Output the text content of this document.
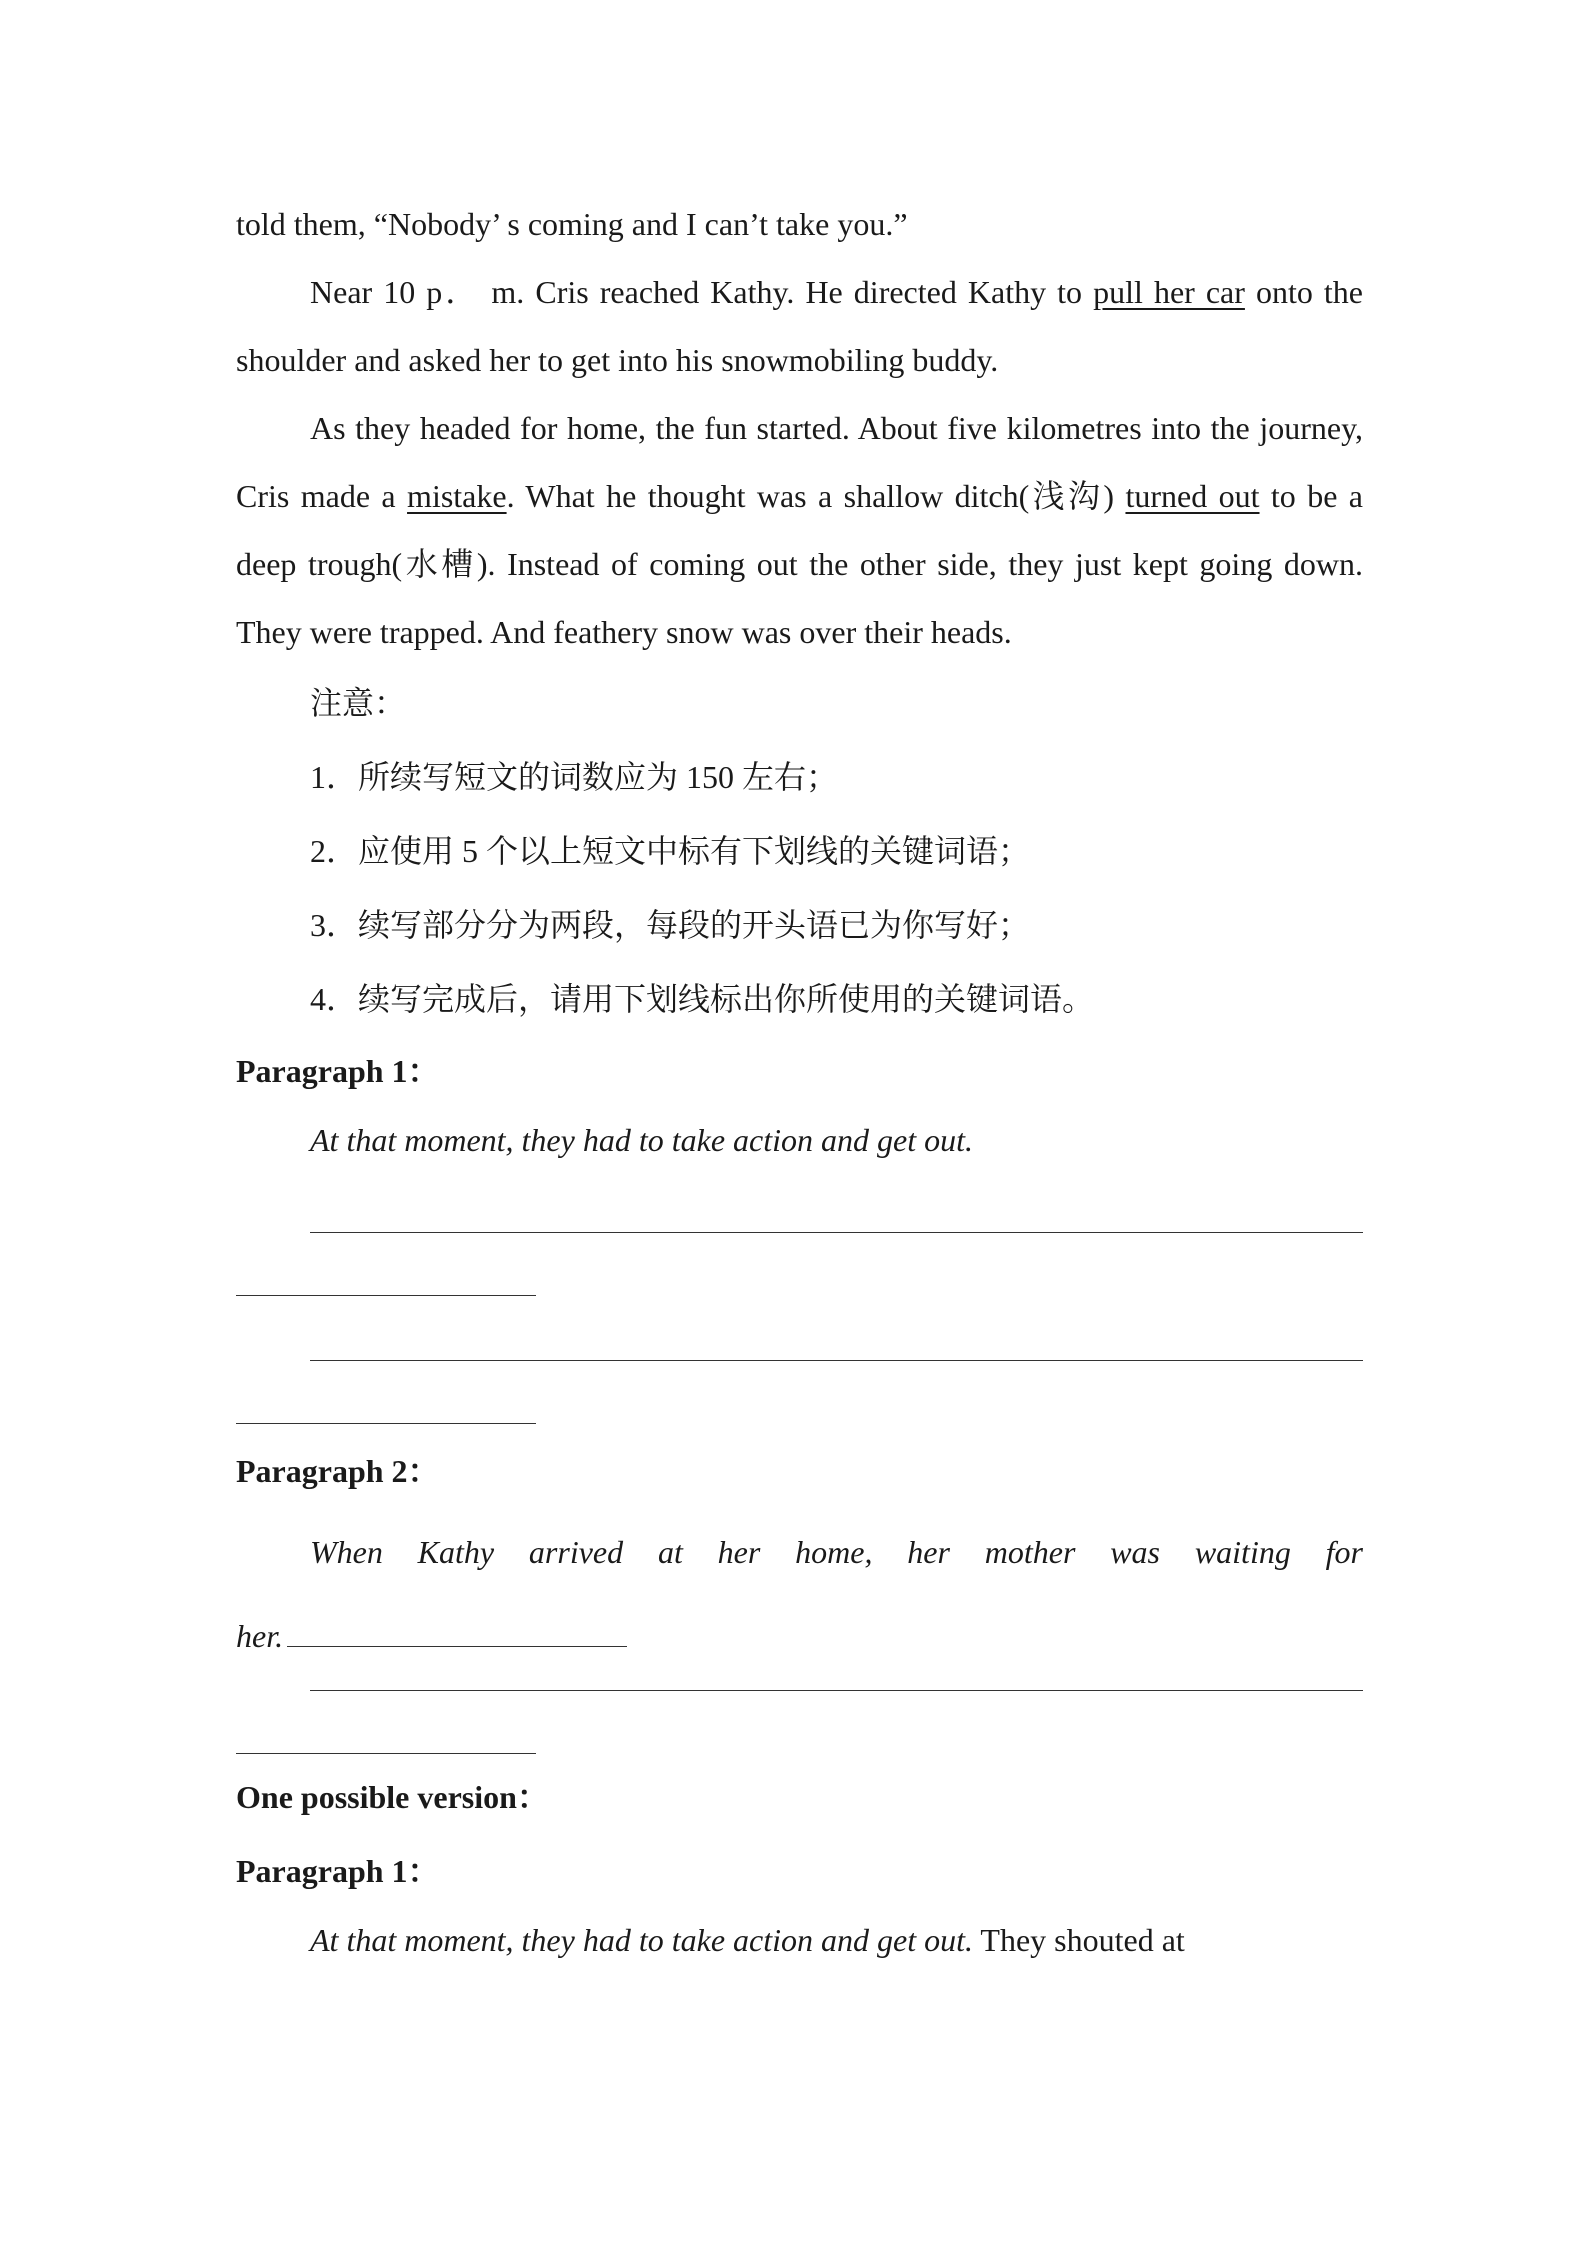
told them, “Nobody’ s coming and I can’t take you.”

Near 10 p． m. Cris reached Kathy. He directed Kathy to pull her car onto the shoulder and asked her to get into his snowmobiling buddy.

As they headed for home, the fun started. About five kilometres into the journey, Cris made a mistake. What he thought was a shallow ditch(浅沟) turned out to be a deep trough(水槽). Instead of coming out the other side, they just kept going down. They were trapped. And feathery snow was over their heads.

注意：

1．所续写短文的词数应为 150 左右；

2．应使用 5 个以上短文中标有下划线的关键词语；

3．续写部分分为两段，每段的开头语已为你写好；

4．续写完成后，请用下划线标出你所使用的关键词语。

Paragraph 1：

At that moment, they had to take action and get out.

Paragraph 2：

When Kathy arrived at her home, her mother was waiting for

her.

One possible version：

Paragraph 1：

At that moment, they had to take action and get out. They shouted at
